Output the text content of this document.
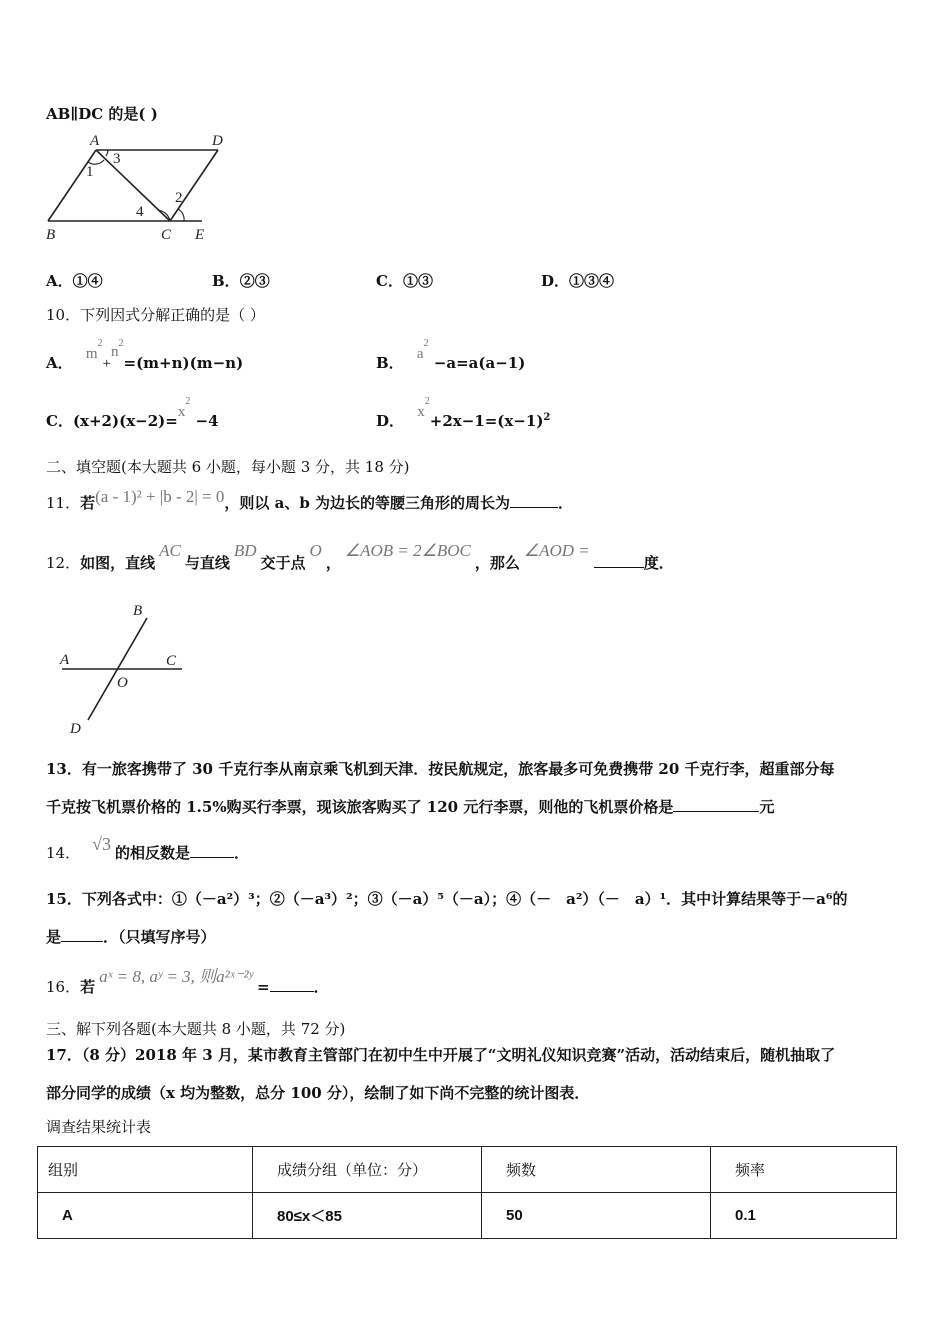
AB∥DC 的是( )
A	D
B	C E
1
2
3
4
A．①④	B．②③	C．①③	D．①③④
10．下列因式分解正确的是（ ）
A． $m^2+n^2=(m+n)(m-n)$	B． $a^2 -a=a(a-1)$
C．$(x+2)(x-2)=x^2 -4$	D． $x^2+2x-1=(x-1)^2$
二、填空题(本大题共 6 小题，每小题 3 分，共 18 分)
11．若(a - 1)² + |b - 2| = 0，则以 a、b 为边长的等腰三角形的周长为	．
12．如图，直线AC与直线BD交于点O，∠AOB = 2∠BOC，那么∠AOD =度．
A
B
C
D
O
13．有一旅客携带了 30 千克行李从南京乘飞机到天津．按民航规定，旅客最多可免费携带 20 千克行李，超重部分每
千克按飞机票价格的 1.5%购买行李票，现该旅客购买了 120 元行李票，则他的飞机票价格是	元
14． √3 的相反数是	．
15．下列各式中：①（－a²）³；②（－a³）²；③（－a）⁵（－a）；④（－　a²）（－　a）¹．其中计算结果等于－a⁶的
是	．（只填写序号）
16．若aˣ = 8, aʸ = 3, 则a²ˣ⁻²ʸ=	．
三、解下列各题(本大题共 8 小题，共 72 分)
17．（8 分）2018 年 3 月，某市教育主管部门在初中生中开展了“文明礼仪知识竞赛”活动，活动结束后，随机抽取了
部分同学的成绩（x 均为整数，总分 100 分），绘制了如下尚不完整的统计图表．
调查结果统计表
组别	成绩分组（单位：分）	频数	频率
A	80≤x＜85	50	0.1
